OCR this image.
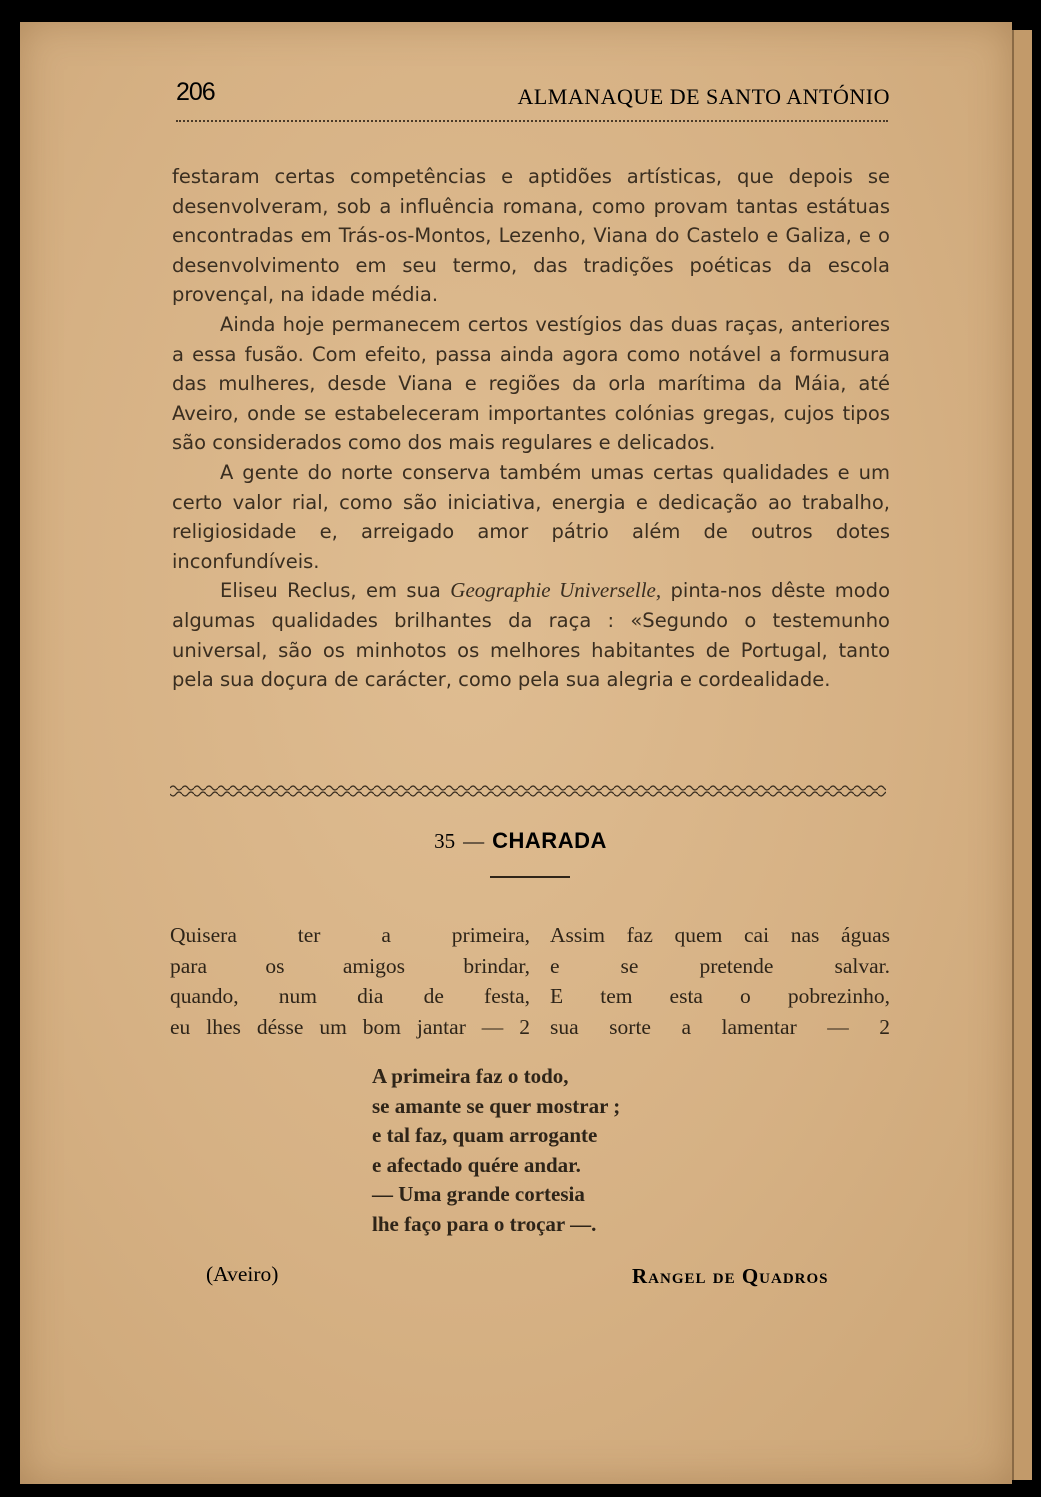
206	ALMANAQUE DE SANTO ANTÓNIO

festaram certas competências e aptidões artísticas, que depois se desenvolveram, sob a influência romana, como provam tantas estátuas encontradas em Trás-os-Montos, Lezenho, Viana do Castelo e Galiza, e o desenvolvimento em seu termo, das tradições poéticas da escola provençal, na idade média.

Ainda hoje permanecem certos vestígios das duas raças, anteriores a essa fusão. Com efeito, passa ainda agora como notável a formusura das mulheres, desde Viana e regiões da orla marítima da Máia, até Aveiro, onde se estabeleceram importantes colónias gregas, cujos tipos são considerados como dos mais regulares e delicados.

A gente do norte conserva também umas certas qualidades e um certo valor rial, como são iniciativa, energia e dedicação ao trabalho, religiosidade e, arreigado amor pátrio além de outros dotes inconfundíveis.

Eliseu Reclus, em sua Geographie Universelle, pinta-nos dêste modo algumas qualidades brilhantes da raça : «Segundo o testemunho universal, são os minhotos os melhores habitantes de Portugal, tanto pela sua doçura de carácter, como pela sua alegria e cordealidade.

35 — CHARADA
Quisera ter a primeira,
para os amigos brindar,
quando, num dia de festa,
eu lhes désse um bom jantar — 2
Assim faz quem cai nas águas
e se pretende salvar.
E tem esta o pobrezinho,
sua sorte a lamentar — 2
A primeira faz o todo,
se amante se quer mostrar ;
e tal faz, quam arrogante
e afectado quére andar.
— Uma grande cortesia
lhe faço para o troçar —.
(Aveiro)	Rangel de Quadros
